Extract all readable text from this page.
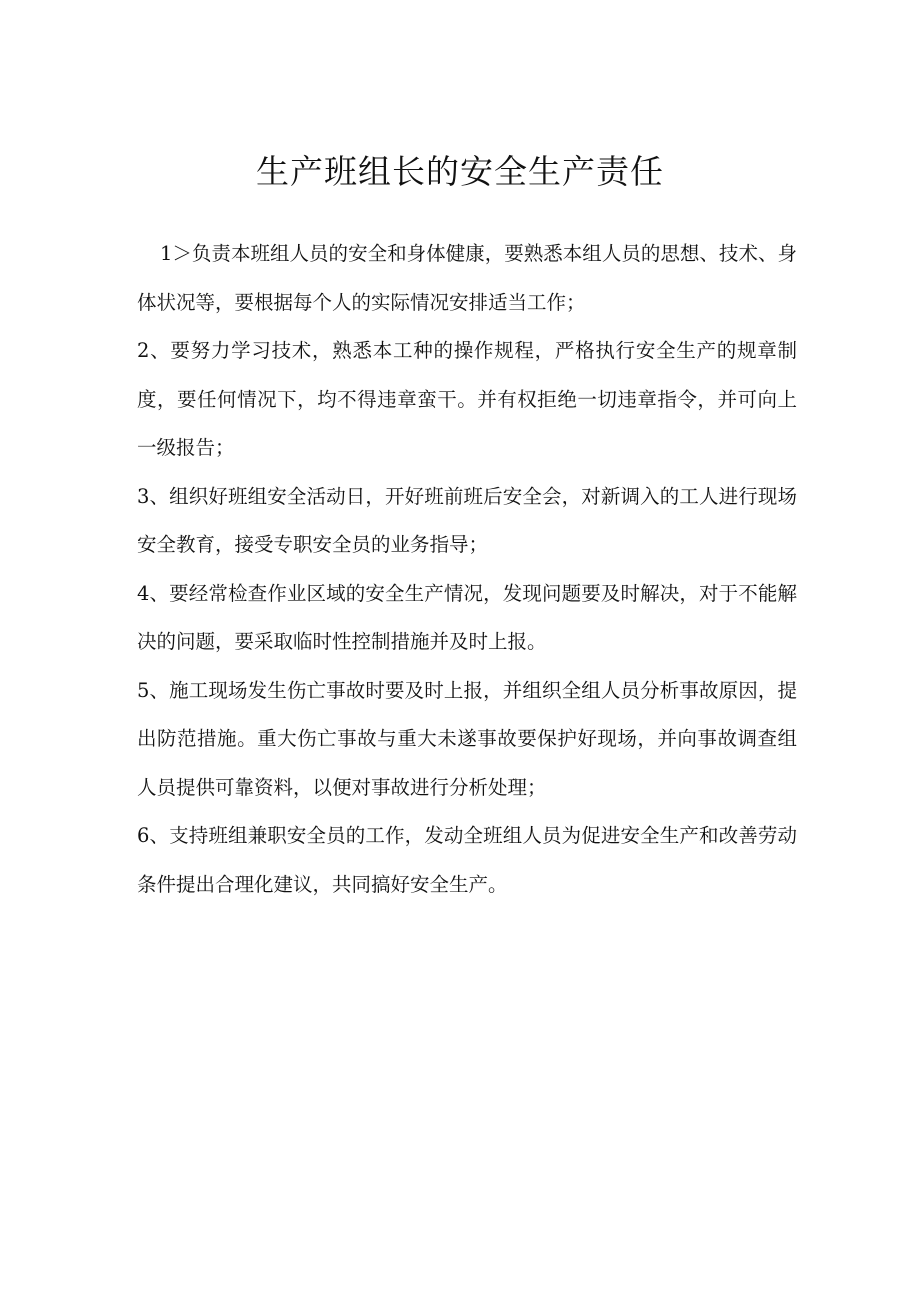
生产班组长的安全生产责任

1＞负责本班组人员的安全和身体健康，要熟悉本组人员的思想、技术、身体状况等，要根据每个人的实际情况安排适当工作；

2、要努力学习技术，熟悉本工种的操作规程，严格执行安全生产的规章制度，要任何情况下，均不得违章蛮干。并有权拒绝一切违章指令，并可向上一级报告；

3、组织好班组安全活动日，开好班前班后安全会，对新调入的工人进行现场安全教育，接受专职安全员的业务指导；

4、要经常检查作业区域的安全生产情况，发现问题要及时解决，对于不能解决的问题，要采取临时性控制措施并及时上报。

5、施工现场发生伤亡事故时要及时上报，并组织全组人员分析事故原因，提出防范措施。重大伤亡事故与重大未遂事故要保护好现场，并向事故调查组人员提供可靠资料，以便对事故进行分析处理；

6、支持班组兼职安全员的工作，发动全班组人员为促进安全生产和改善劳动条件提出合理化建议，共同搞好安全生产。
